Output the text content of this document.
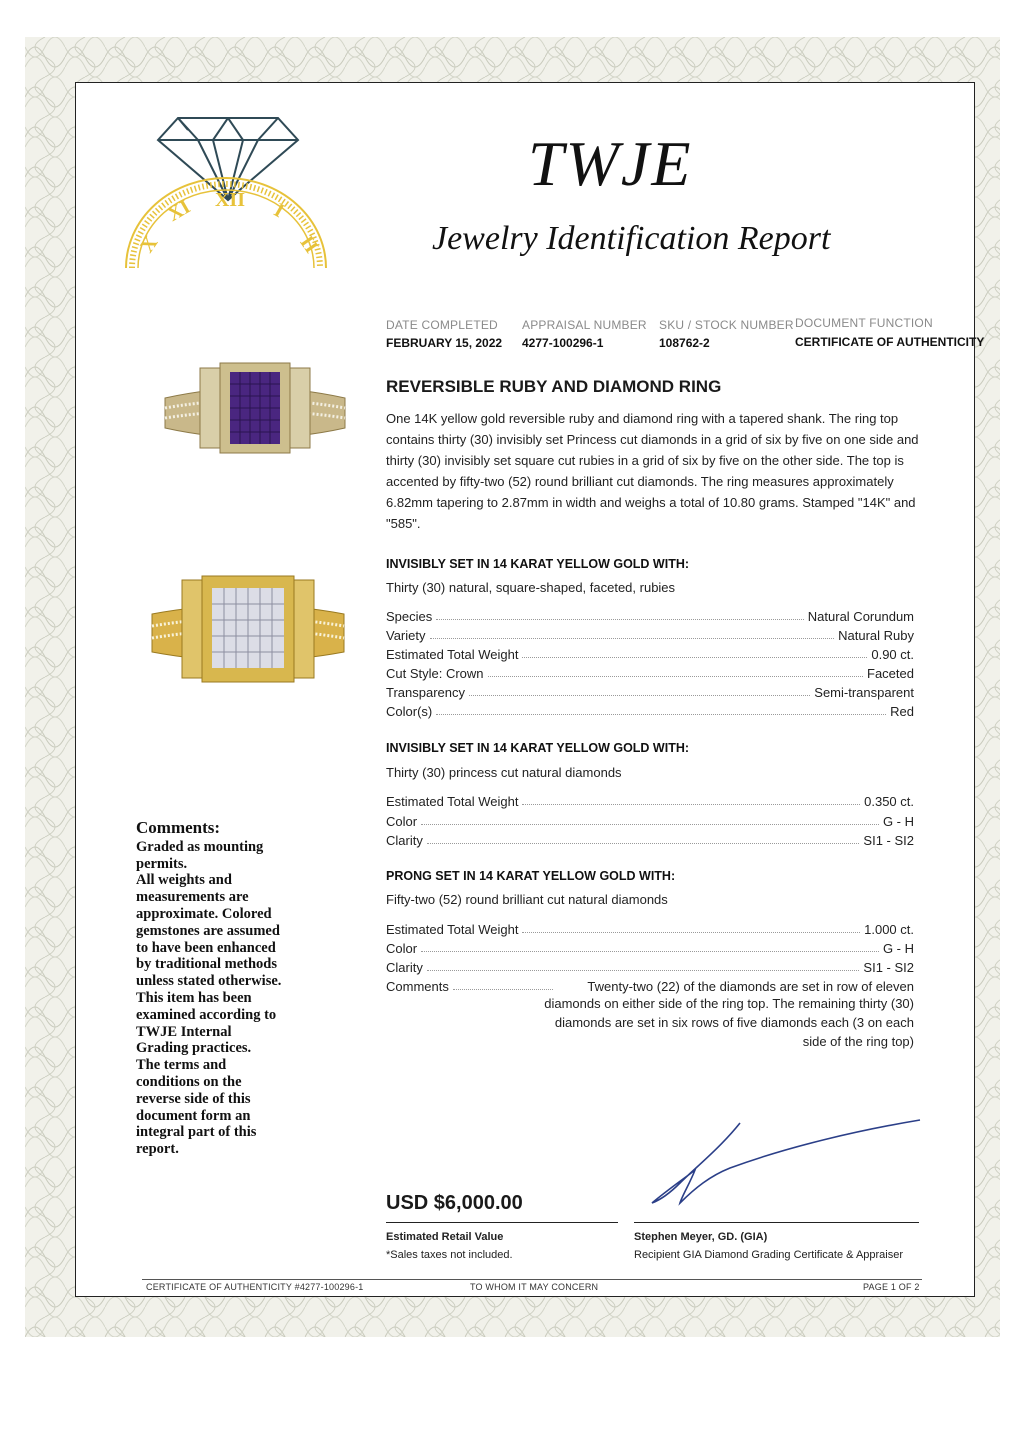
X
XI XII I
II
TWJE
Jewelry Identification Report
DATE COMPLETED
FEBRUARY 15, 2022
APPRAISAL NUMBER
4277-100296-1
SKU / STOCK NUMBER
108762-2
DOCUMENT FUNCTION
CERTIFICATE OF AUTHENTICITY
REVERSIBLE RUBY AND DIAMOND RING
One 14K yellow gold reversible ruby and diamond ring with a tapered shank. The ring top contains thirty (30) invisibly set Princess cut diamonds in a grid of six by five on one side and thirty (30) invisibly set square cut rubies in a grid of six by five on the other side. The top is accented by fifty-two (52) round brilliant cut diamonds. The ring measures approximately 6.82mm tapering to 2.87mm in width and weighs a total of 10.80 grams. Stamped "14K" and "585".
INVISIBLY SET IN 14 KARAT YELLOW GOLD WITH:
Thirty (30) natural, square-shaped, faceted, rubies
Species	Natural Corundum
Variety	Natural Ruby
Estimated Total Weight	0.90 ct.
Cut Style: Crown	Faceted
Transparency	Semi-transparent
Color(s)	Red
INVISIBLY SET IN 14 KARAT YELLOW GOLD WITH:
Thirty (30) princess cut natural diamonds
Estimated Total Weight	0.350 ct.
Color	G - H
Clarity	SI1 - SI2
PRONG SET IN 14 KARAT YELLOW GOLD WITH:
Fifty-two (52) round brilliant cut natural diamonds
Estimated Total Weight	1.000 ct.
Color	G - H
Clarity	SI1 - SI2
Comments	Twenty-two (22) of the diamonds are set in row of eleven
diamonds on either side of the ring top. The remaining thirty (30)
diamonds are set in six rows of five diamonds each (3 on each
side of the ring top)
Comments:
Graded as mounting
permits.
All weights and
measurements are
approximate. Colored
gemstones are assumed
to have been enhanced
by traditional methods
unless stated otherwise.
This item has been
examined according to
TWJE Internal
Grading practices.
The terms and
conditions on the
reverse side of this
document form an
integral part of this
report.
USD $6,000.00
Estimated Retail Value
*Sales taxes not included.
Stephen Meyer, GD. (GIA)
Recipient GIA Diamond Grading Certificate & Appraiser
CERTIFICATE OF AUTHENTICITY #4277-100296-1	TO WHOM IT MAY CONCERN	PAGE 1 OF 2
